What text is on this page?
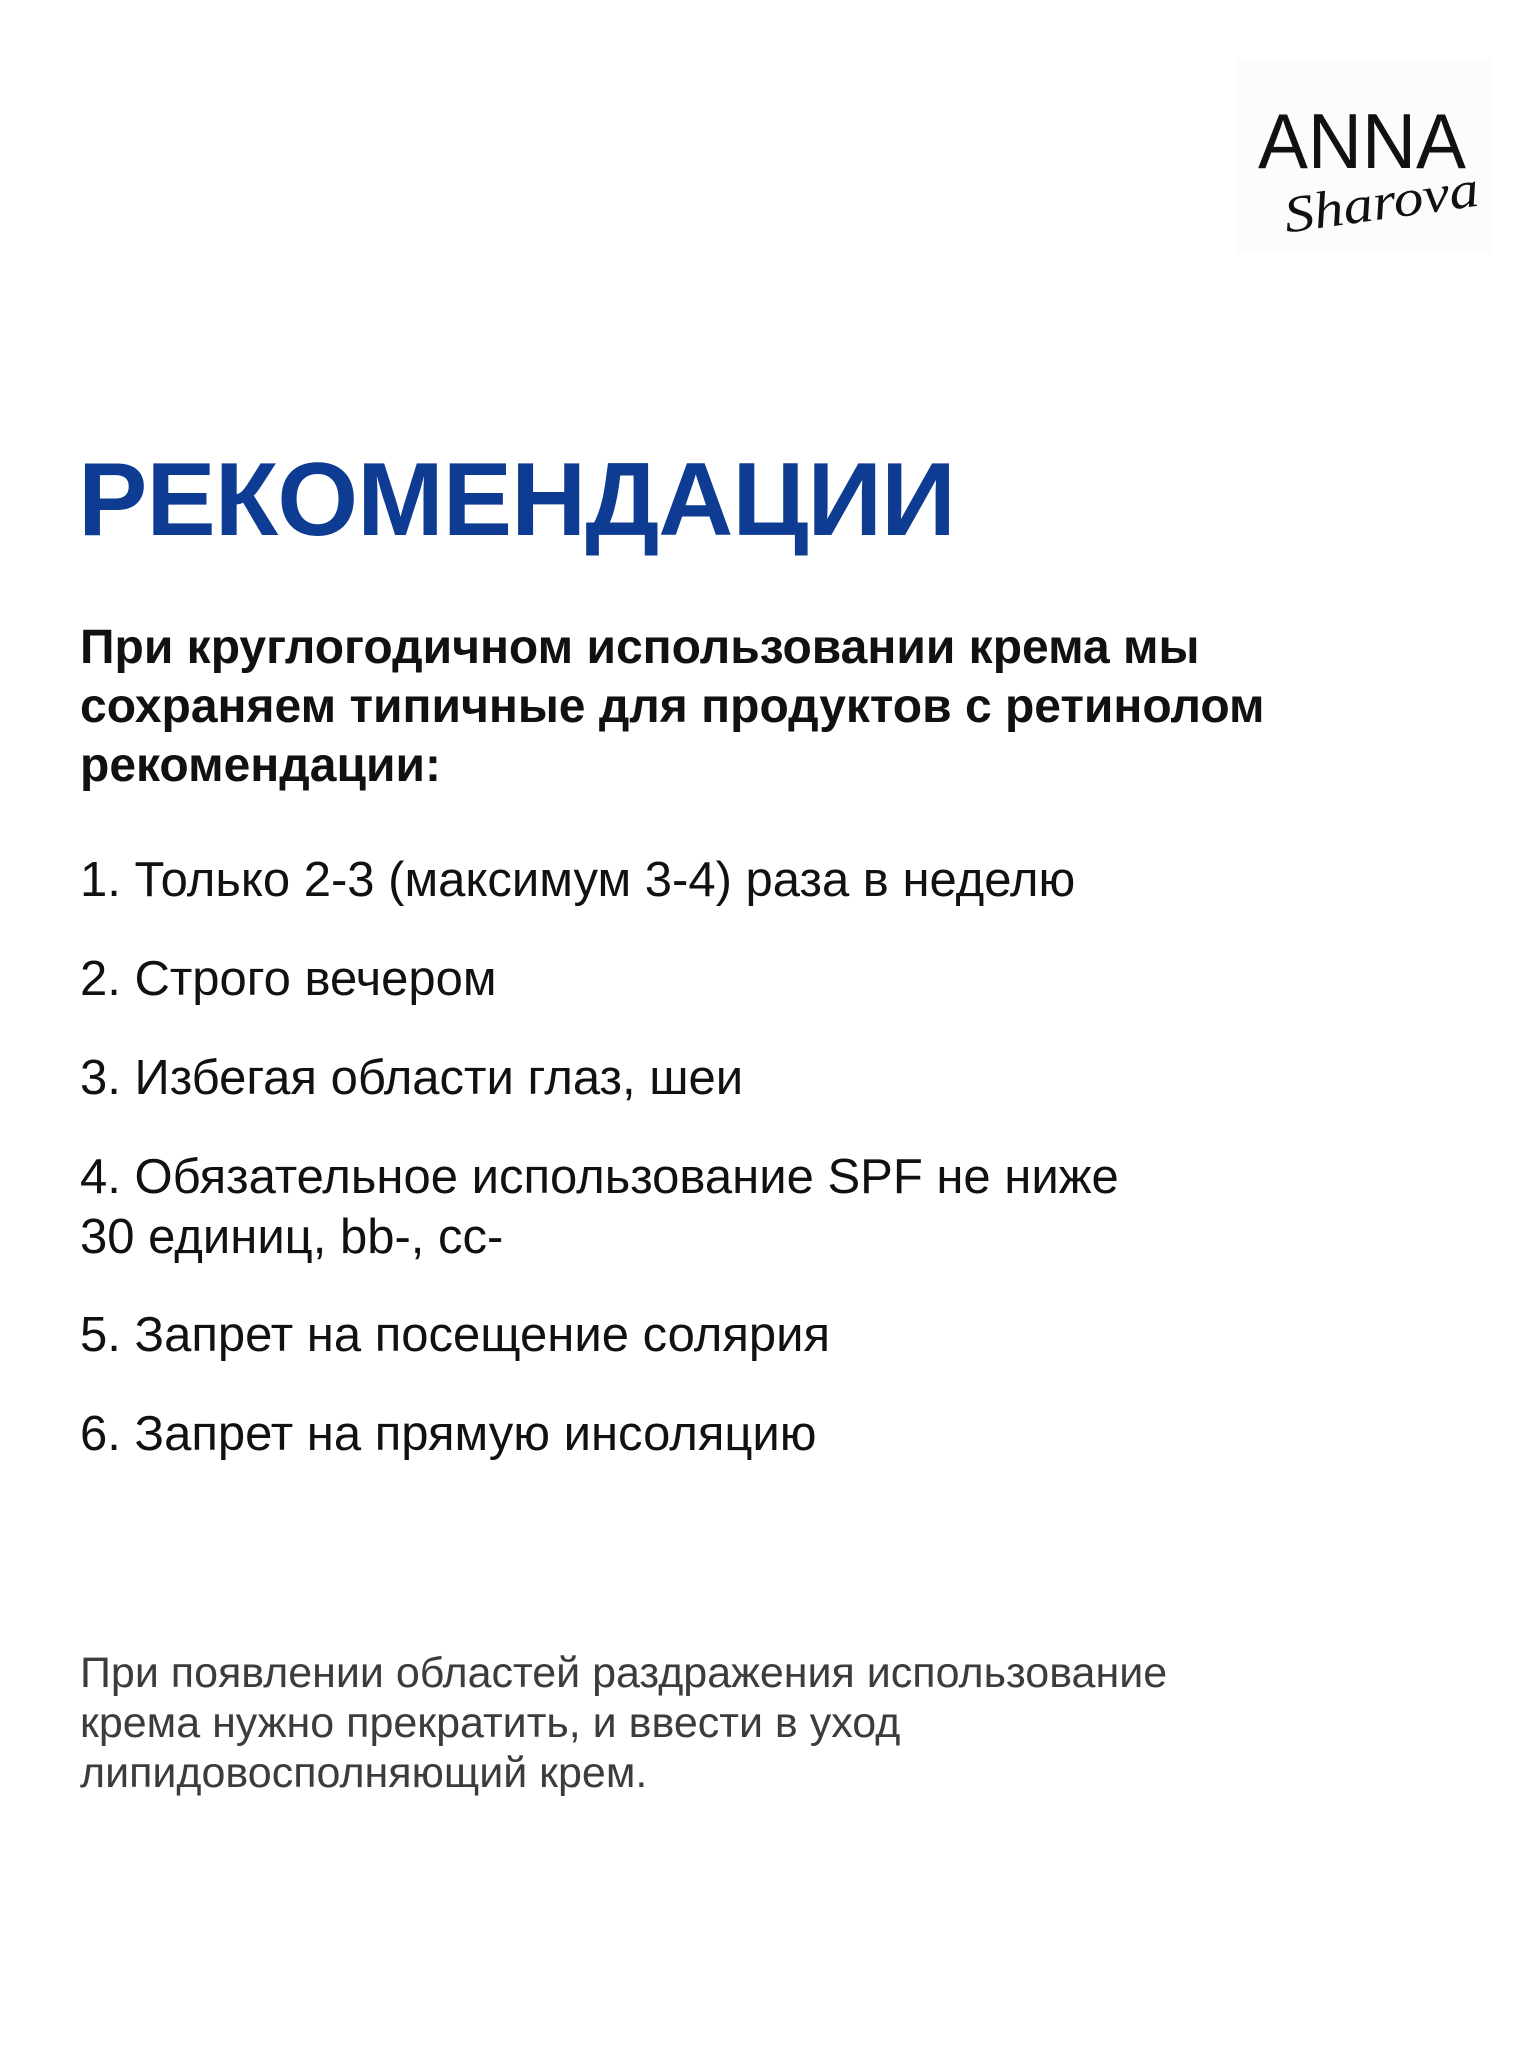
ANNA
Sharova
РЕКОМЕНДАЦИИ

При круглогодичном использовании крема мы
сохраняем типичные для продуктов с ретинолом
рекомендации:

1. Только 2-3 (максимум 3-4) раза в неделю
2. Строго вечером
3. Избегая области глаз, шеи
4. Обязательное использование SPF не ниже
30 единиц, bb-, cc-
5. Запрет на посещение солярия
6. Запрет на прямую инсоляцию

При появлении областей раздражения использование
крема нужно прекратить, и ввести в уход
липидовосполняющий крем.
